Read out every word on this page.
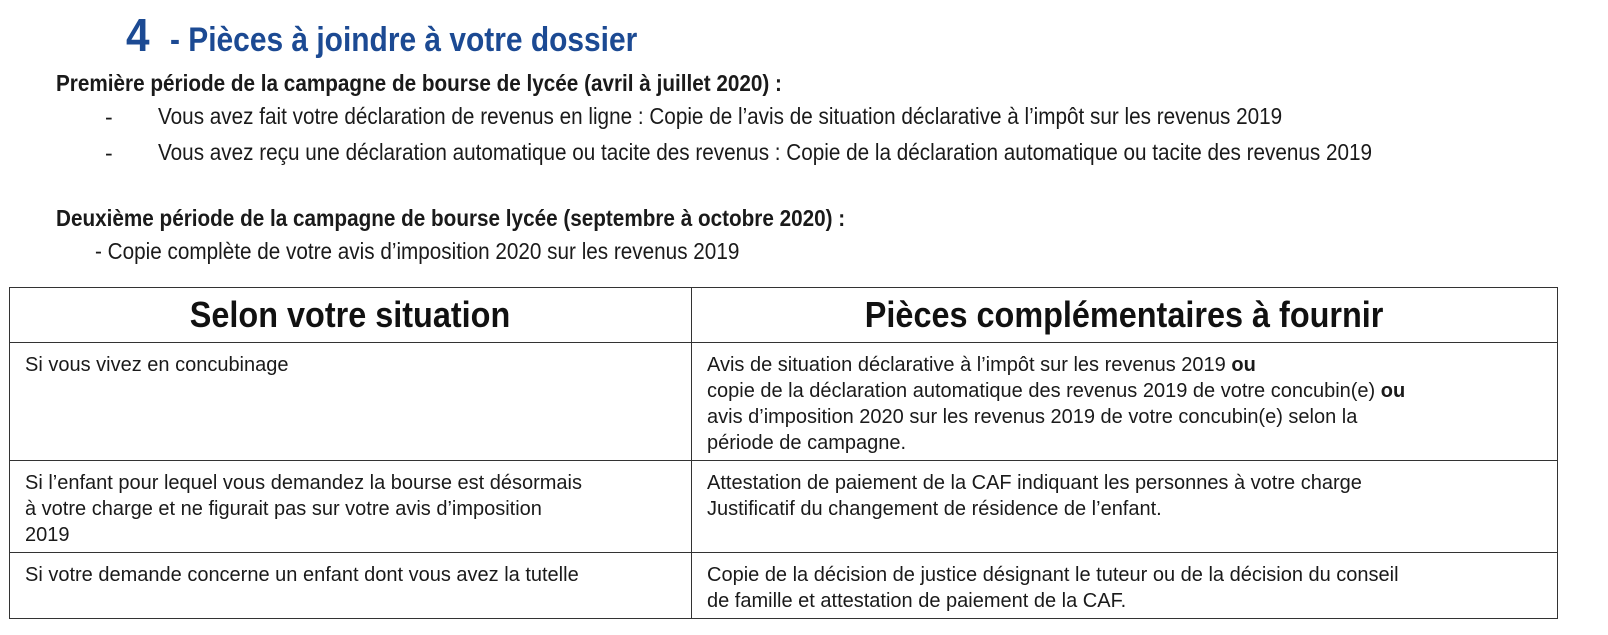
4 - Pièces à joindre à votre dossier
Première période de la campagne de bourse de lycée (avril à juillet 2020) :
- Vous avez fait votre déclaration de revenus en ligne : Copie de l’avis de situation déclarative à l’impôt sur les revenus 2019
- Vous avez reçu une déclaration automatique ou tacite des revenus : Copie de la déclaration automatique ou tacite des revenus 2019
Deuxième période de la campagne de bourse lycée (septembre à octobre 2020) :
- Copie complète de votre avis d’imposition 2020 sur les revenus 2019
Selon votre situation	Pièces complémentaires à fournir

Si vous vivez en concubinage	Avis de situation déclarative à l’impôt sur les revenus 2019 ou
copie de la déclaration automatique des revenus 2019 de votre concubin(e) ou
avis d’imposition 2020 sur les revenus 2019 de votre concubin(e) selon la
période de campagne.

Si l’enfant pour lequel vous demandez la bourse est désormais
à votre charge et ne figurait pas sur votre avis d’imposition
2019	Attestation de paiement de la CAF indiquant les personnes à votre charge
Justificatif du changement de résidence de l’enfant.

Si votre demande concerne un enfant dont vous avez la tutelle	Copie de la décision de justice désignant le tuteur ou de la décision du conseil
de famille et attestation de paiement de la CAF.
